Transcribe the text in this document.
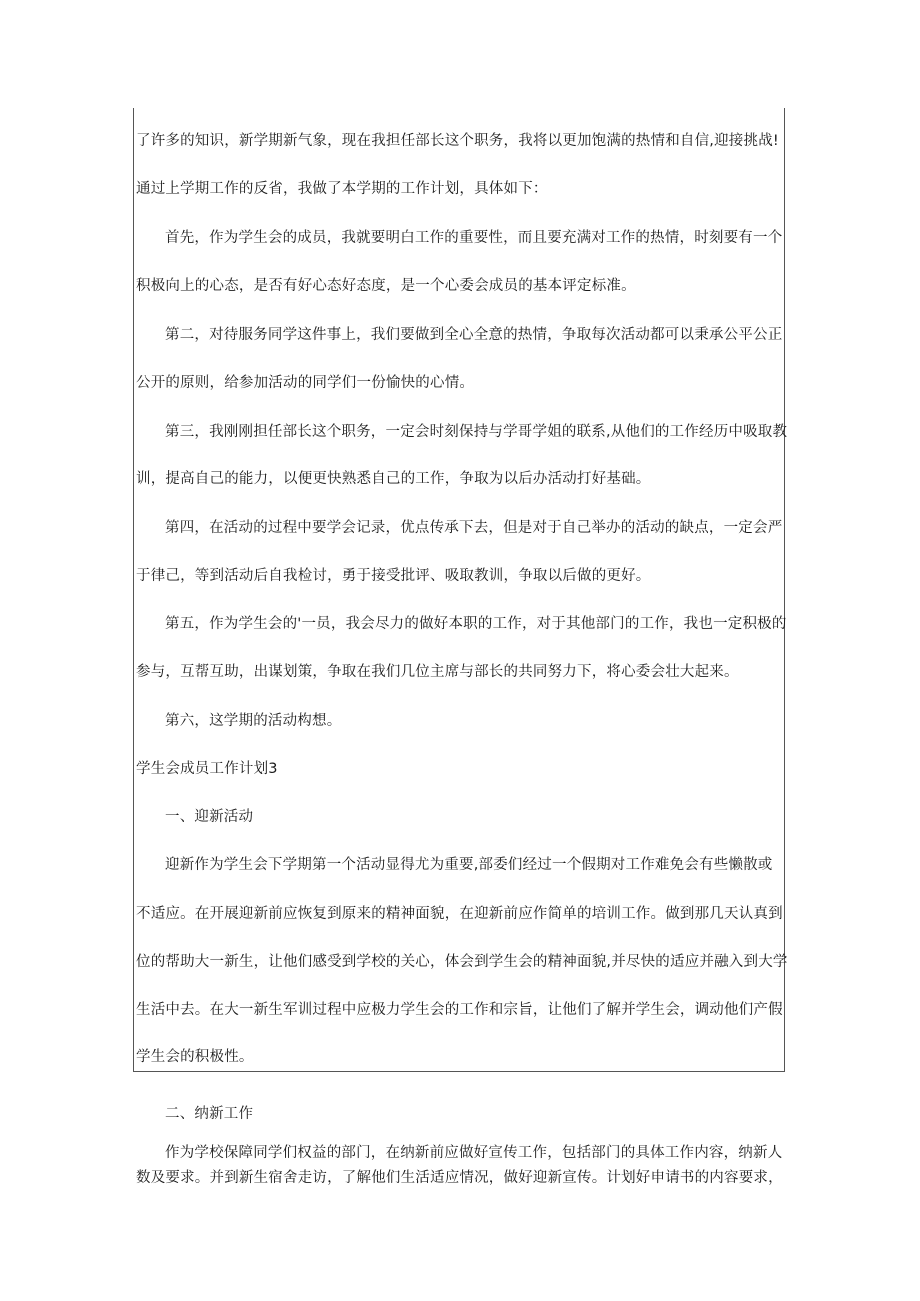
了许多的知识，新学期新气象，现在我担任部长这个职务，我将以更加饱满的热情和自信,迎接挑战!
通过上学期工作的反省，我做了本学期的工作计划，具体如下：
首先，作为学生会的成员，我就要明白工作的重要性，而且要充满对工作的热情，时刻要有一个
积极向上的心态，是否有好心态好态度，是一个心委会成员的基本评定标准。
第二，对待服务同学这件事上，我们要做到全心全意的热情，争取每次活动都可以秉承公平公正
公开的原则，给参加活动的同学们一份愉快的心情。
第三，我刚刚担任部长这个职务，一定会时刻保持与学哥学姐的联系,从他们的工作经历中吸取教
训，提高自己的能力，以便更快熟悉自己的工作，争取为以后办活动打好基础。
第四，在活动的过程中要学会记录，优点传承下去，但是对于自己举办的活动的缺点，一定会严
于律己，等到活动后自我检讨，勇于接受批评、吸取教训，争取以后做的更好。
第五，作为学生会的'一员，我会尽力的做好本职的工作，对于其他部门的工作，我也一定积极的
参与，互帮互助，出谋划策，争取在我们几位主席与部长的共同努力下，将心委会壮大起来。
第六，这学期的活动构想。
学生会成员工作计划3
一、迎新活动
迎新作为学生会下学期第一个活动显得尤为重要,部委们经过一个假期对工作难免会有些懒散或
不适应。在开展迎新前应恢复到原来的精神面貌，在迎新前应作简单的培训工作。做到那几天认真到
位的帮助大一新生，让他们感受到学校的关心，体会到学生会的精神面貌,并尽快的适应并融入到大学
生活中去。在大一新生军训过程中应极力学生会的工作和宗旨，让他们了解并学生会，调动他们产假
学生会的积极性。
二、纳新工作
作为学校保障同学们权益的部门，在纳新前应做好宣传工作，包括部门的具体工作内容，纳新人
数及要求。并到新生宿舍走访，了解他们生活适应情况，做好迎新宣传。计划好申请书的内容要求，
